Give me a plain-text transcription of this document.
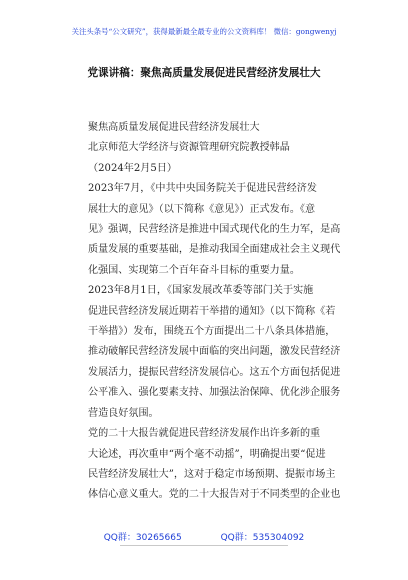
关注头条号“公文研究”，获得最新最全最专业的公文资料库！ 微信：gongwenyj
党课讲稿：聚焦高质量发展促进民营经济发展壮大
聚焦高质量发展促进民营经济发展壮大
北京师范大学经济与资源管理研究院教授韩晶
（2024年2月5日）
2023年7月，《中共中央国务院关于促进民营经济发
展壮大的意见》（以下简称《意见》）正式发布。《意
见》强调，民营经济是推进中国式现代化的生力军，是高
质量发展的重要基础，是推动我国全面建成社会主义现代
化强国、实现第二个百年奋斗目标的重要力量。
2023年8月1日，《国家发展改革委等部门关于实施
促进民营经济发展近期若干举措的通知》（以下简称《若
干举措》）发布，围绕五个方面提出二十八条具体措施，
推动破解民营经济发展中面临的突出问题，激发民营经济
发展活力，提振民营经济发展信心。这五个方面包括促进
公平准入、强化要素支持、加强法治保障、优化涉企服务
营造良好氛围。
党的二十大报告就促进民营经济发展作出许多新的重
大论述，再次重申“两个毫不动摇”，明确提出要“促进
民营经济发展壮大”，这对于稳定市场预期、提振市场主
体信心意义重大。党的二十大报告对于不同类型的企业也
QQ群：30265665	QQ群：535304092
